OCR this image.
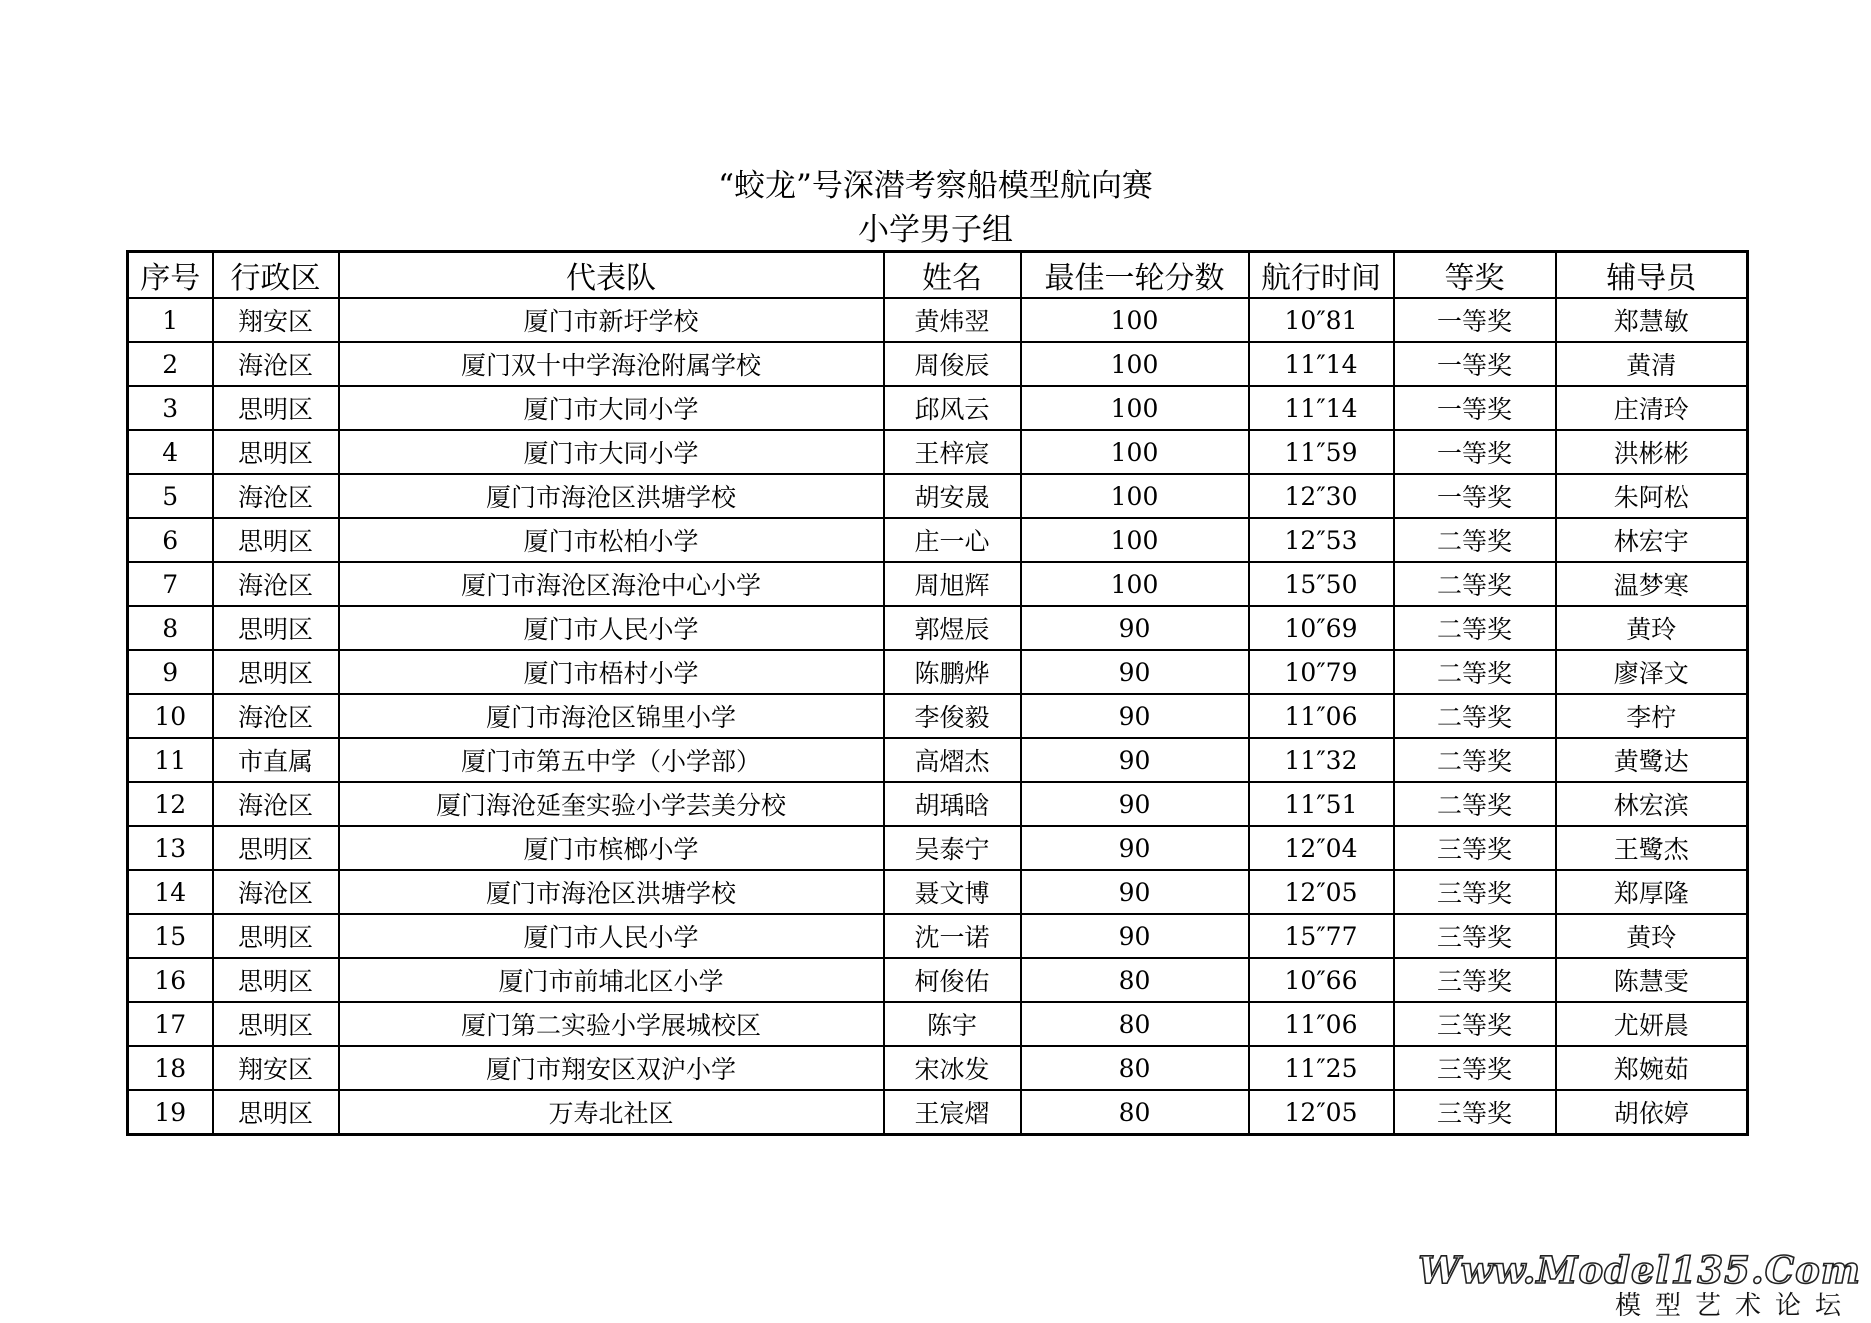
“蛟龙”号深潜考察船模型航向赛
小学男子组
序号	行政区	代表队	姓名	最佳一轮分数	航行时间	等奖	辅导员
1	翔安区	厦门市新圩学校	黄炜翌	100	10″81	一等奖	郑慧敏
2	海沧区	厦门双十中学海沧附属学校	周俊辰	100	11″14	一等奖	黄清
3	思明区	厦门市大同小学	邱风云	100	11″14	一等奖	庄清玲
4	思明区	厦门市大同小学	王梓宸	100	11″59	一等奖	洪彬彬
5	海沧区	厦门市海沧区洪塘学校	胡安晟	100	12″30	一等奖	朱阿松
6	思明区	厦门市松柏小学	庄一心	100	12″53	二等奖	林宏宇
7	海沧区	厦门市海沧区海沧中心小学	周旭辉	100	15″50	二等奖	温梦寒
8	思明区	厦门市人民小学	郭煜辰	90	10″69	二等奖	黄玲
9	思明区	厦门市梧村小学	陈鹏烨	90	10″79	二等奖	廖泽文
10	海沧区	厦门市海沧区锦里小学	李俊毅	90	11″06	二等奖	李柠
11	市直属	厦门市第五中学（小学部）	高熠杰	90	11″32	二等奖	黄鹭达
12	海沧区	厦门海沧延奎实验小学芸美分校	胡瑀晗	90	11″51	二等奖	林宏滨
13	思明区	厦门市槟榔小学	吴泰宁	90	12″04	三等奖	王鹭杰
14	海沧区	厦门市海沧区洪塘学校	聂文博	90	12″05	三等奖	郑厚隆
15	思明区	厦门市人民小学	沈一诺	90	15″77	三等奖	黄玲
16	思明区	厦门市前埔北区小学	柯俊佑	80	10″66	三等奖	陈慧雯
17	思明区	厦门第二实验小学展城校区	陈宇	80	11″06	三等奖	尤妍晨
18	翔安区	厦门市翔安区双沪小学	宋冰发	80	11″25	三等奖	郑婉茹
19	思明区	万寿北社区	王宸熠	80	12″05	三等奖	胡依婷
Www.Model135.Com
模型艺术论坛
